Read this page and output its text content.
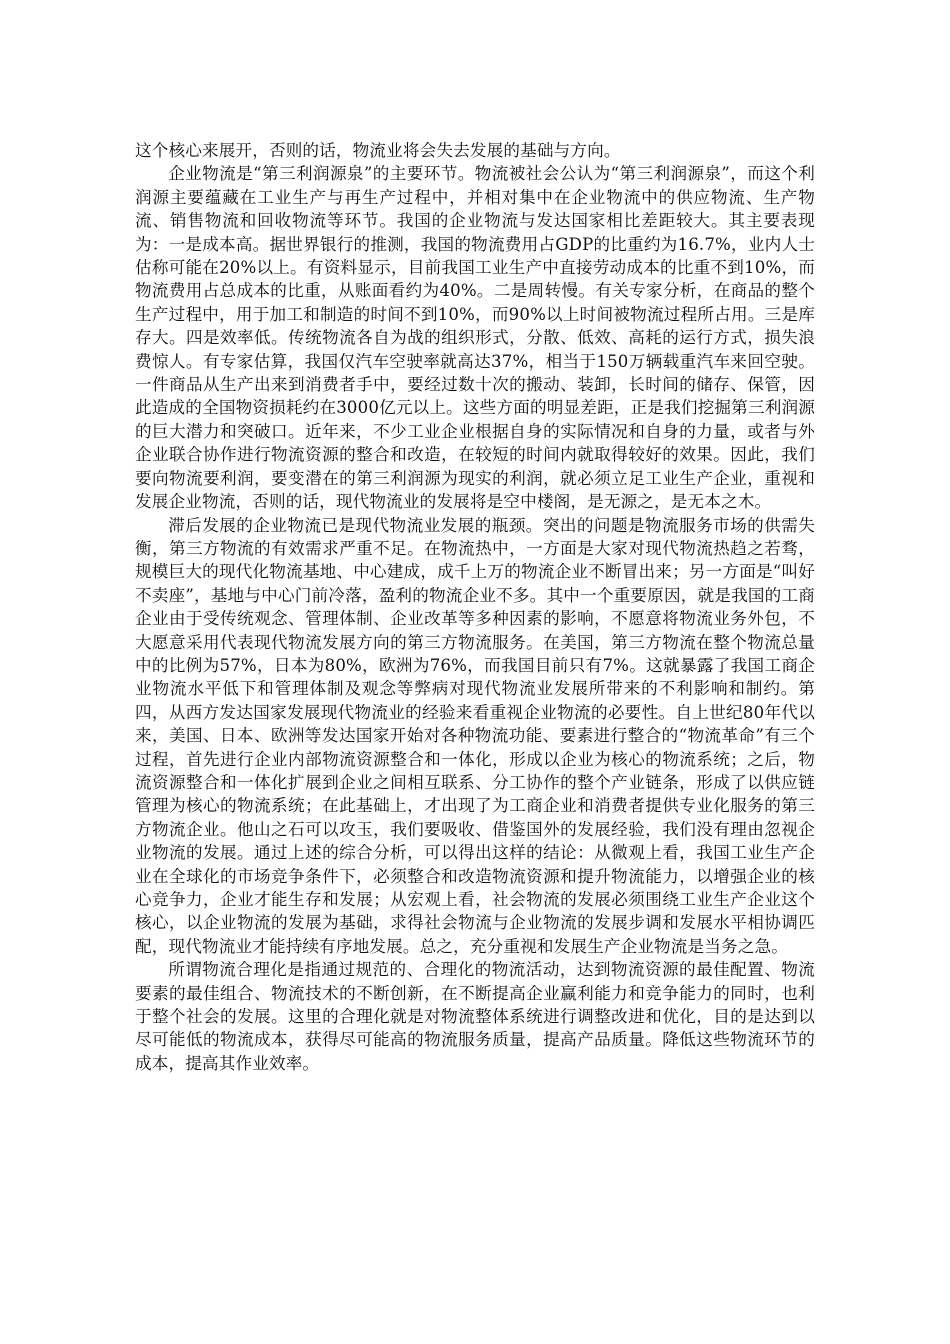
这个核心来展开，否则的话，物流业将会失去发展的基础与方向。

企业物流是“第三利润源泉”的主要环节。物流被社会公认为“第三利润源泉”，而这个利润源主要蕴藏在工业生产与再生产过程中，并相对集中在企业物流中的供应物流、生产物流、销售物流和回收物流等环节。我国的企业物流与发达国家相比差距较大。其主要表现为：一是成本高。据世界银行的推测，我国的物流费用占GDP的比重约为16.7%，业内人士估称可能在20%以上。有资料显示，目前我国工业生产中直接劳动成本的比重不到10%，而物流费用占总成本的比重，从账面看约为40%。二是周转慢。有关专家分析，在商品的整个生产过程中，用于加工和制造的时间不到10%，而90%以上时间被物流过程所占用。三是库存大。四是效率低。传统物流各自为战的组织形式，分散、低效、高耗的运行方式，损失浪费惊人。有专家估算，我国仅汽车空驶率就高达37%，相当于150万辆载重汽车来回空驶。一件商品从生产出来到消费者手中，要经过数十次的搬动、装卸，长时间的储存、保管，因此造成的全国物资损耗约在3000亿元以上。这些方面的明显差距，正是我们挖掘第三利润源的巨大潜力和突破口。近年来，不少工业企业根据自身的实际情况和自身的力量，或者与外企业联合协作进行物流资源的整合和改造，在较短的时间内就取得较好的效果。因此，我们要向物流要利润，要变潜在的第三利润源为现实的利润，就必须立足工业生产企业，重视和发展企业物流，否则的话，现代物流业的发展将是空中楼阁，是无源之，是无本之木。

滞后发展的企业物流已是现代物流业发展的瓶颈。突出的问题是物流服务市场的供需失衡，第三方物流的有效需求严重不足。在物流热中，一方面是大家对现代物流热趋之若骛，规模巨大的现代化物流基地、中心建成，成千上万的物流企业不断冒出来；另一方面是“叫好不卖座”，基地与中心门前冷落，盈利的物流企业不多。其中一个重要原因，就是我国的工商企业由于受传统观念、管理体制、企业改革等多种因素的影响，不愿意将物流业务外包，不大愿意采用代表现代物流发展方向的第三方物流服务。在美国，第三方物流在整个物流总量中的比例为57%，日本为80%，欧洲为76%，而我国目前只有7%。这就暴露了我国工商企业物流水平低下和管理体制及观念等弊病对现代物流业发展所带来的不利影响和制约。第四，从西方发达国家发展现代物流业的经验来看重视企业物流的必要性。自上世纪80年代以来，美国、日本、欧洲等发达国家开始对各种物流功能、要素进行整合的“物流革命”有三个过程，首先进行企业内部物流资源整合和一体化，形成以企业为核心的物流系统；之后，物流资源整合和一体化扩展到企业之间相互联系、分工协作的整个产业链条，形成了以供应链管理为核心的物流系统；在此基础上，才出现了为工商企业和消费者提供专业化服务的第三方物流企业。他山之石可以攻玉，我们要吸收、借鉴国外的发展经验，我们没有理由忽视企业物流的发展。通过上述的综合分析，可以得出这样的结论：从微观上看，我国工业生产企业在全球化的市场竞争条件下，必须整合和改造物流资源和提升物流能力，以增强企业的核心竞争力，企业才能生存和发展；从宏观上看，社会物流的发展必须围绕工业生产企业这个核心，以企业物流的发展为基础，求得社会物流与企业物流的发展步调和发展水平相协调匹配，现代物流业才能持续有序地发展。总之，充分重视和发展生产企业物流是当务之急。

所谓物流合理化是指通过规范的、合理化的物流活动，达到物流资源的最佳配置、物流要素的最佳组合、物流技术的不断创新，在不断提高企业赢利能力和竞争能力的同时，也利于整个社会的发展。这里的合理化就是对物流整体系统进行调整改进和优化，目的是达到以尽可能低的物流成本，获得尽可能高的物流服务质量，提高产品质量。降低这些物流环节的成本，提高其作业效率。
